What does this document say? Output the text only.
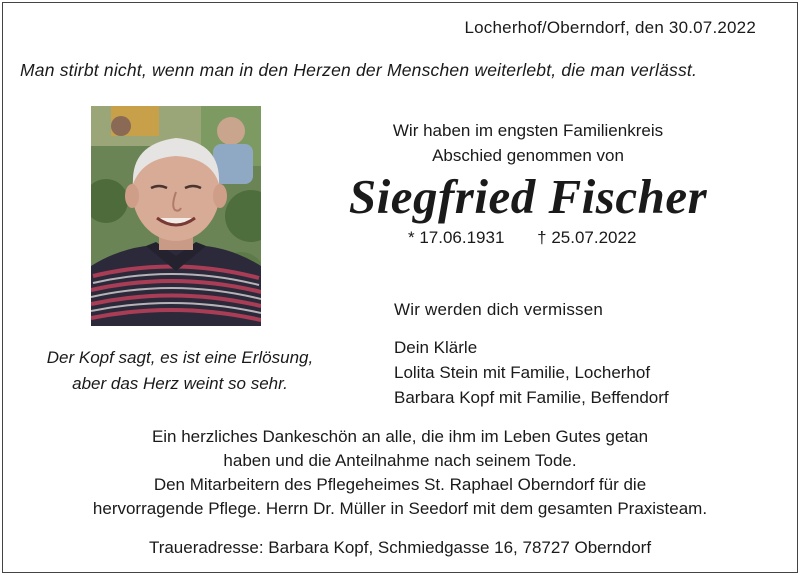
Locherhof/Oberndorf, den 30.07.2022
Man stirbt nicht, wenn man in den Herzen der Menschen weiterlebt, die man verlässt.
Wir haben im engsten Familienkreis
Abschied genommen von
Siegfried Fischer
* 17.06.1931 † 25.07.2022
Der Kopf sagt, es ist eine Erlösung,
aber das Herz weint so sehr.
Wir werden dich vermissen
Dein Klärle
Lolita Stein mit Familie, Locherhof
Barbara Kopf mit Familie, Beffendorf
Ein herzliches Dankeschön an alle, die ihm im Leben Gutes getan
haben und die Anteilnahme nach seinem Tode.
Den Mitarbeitern des Pflegeheimes St. Raphael Oberndorf für die
hervorragende Pflege. Herrn Dr. Müller in Seedorf mit dem gesamten Praxisteam.
Traueradresse: Barbara Kopf, Schmiedgasse 16, 78727 Oberndorf
